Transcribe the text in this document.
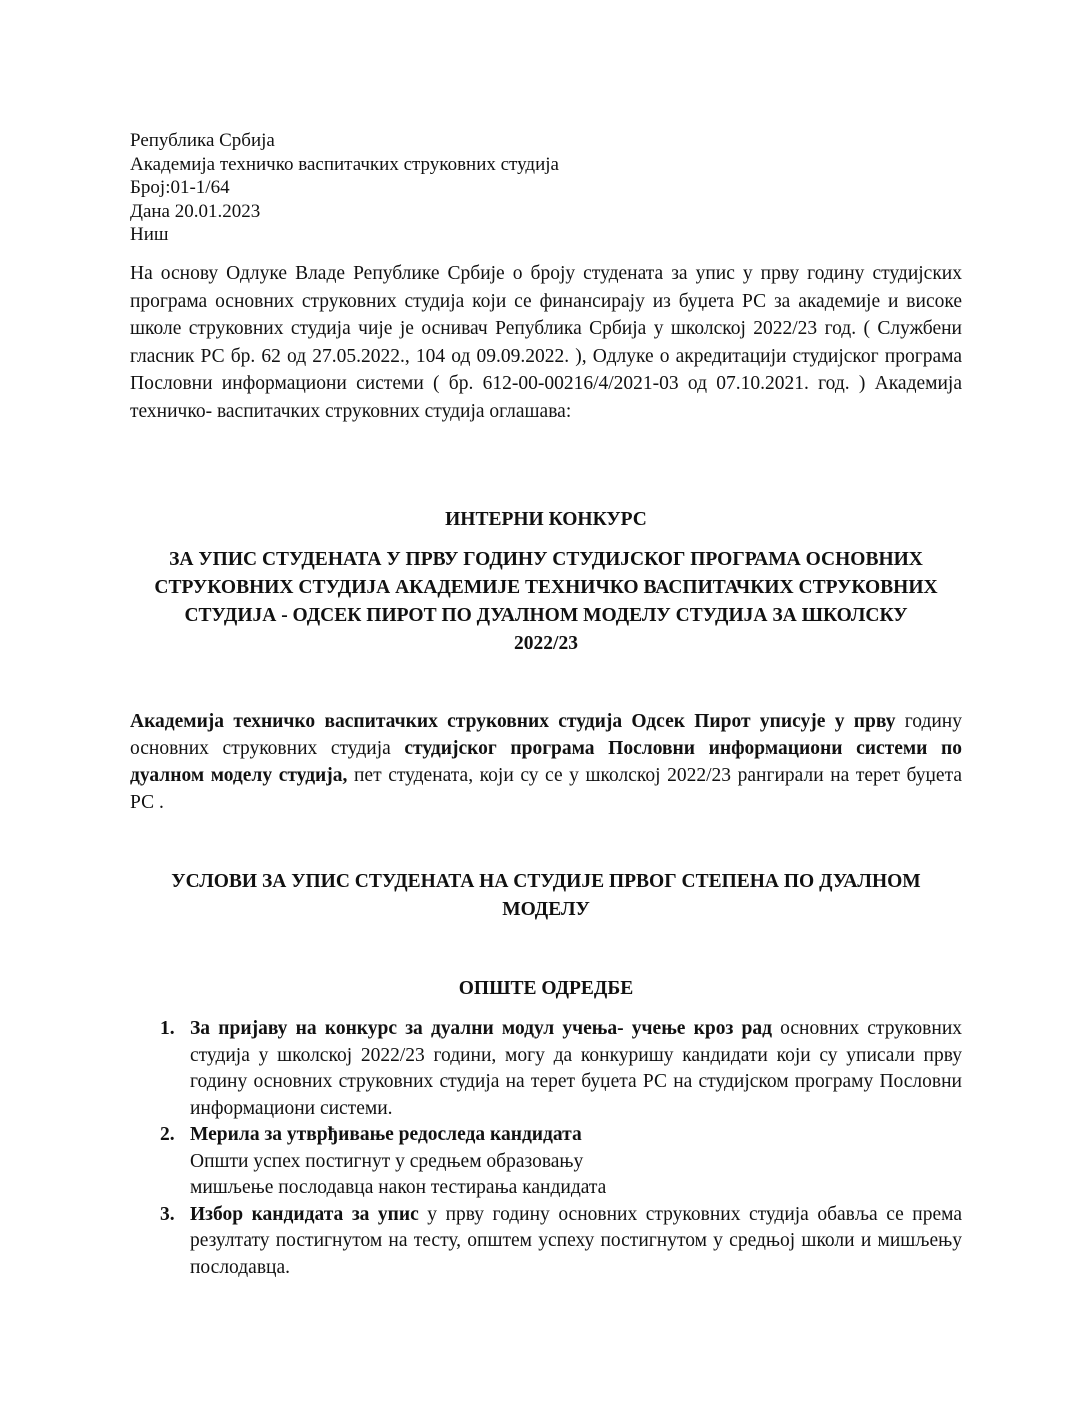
Република Србија
Академија техничко васпитачких струковних студија
Број:01-1/64
Дана 20.01.2023
Ниш
На основу Одлуке Владе Републике Србије о броју студената за упис у прву годину студијских програма основних струковних студија који се финансирају из буџета РС за академије и високе школе струковних студија чије је оснивач Република Србија у школској 2022/23 год. ( Службени гласник РС бр. 62 од 27.05.2022., 104 од 09.09.2022. ), Одлуке о акредитацији студијског програма Пословни информациони системи ( бр. 612-00-00216/4/2021-03 од 07.10.2021. год. ) Академија техничко- васпитачких струковних студија оглашава:
ИНТЕРНИ КОНКУРС
ЗА УПИС СТУДЕНАТА У ПРВУ ГОДИНУ СТУДИЈСКОГ ПРОГРАМА ОСНОВНИХ СТРУКОВНИХ СТУДИЈА АКАДЕМИЈЕ ТЕХНИЧКО ВАСПИТАЧКИХ СТРУКОВНИХ СТУДИЈА - ОДСЕК ПИРОТ ПО ДУАЛНОМ МОДЕЛУ СТУДИЈА ЗА ШКОЛСКУ 2022/23
Академија техничко васпитачких струковних студија Одсек Пирот уписује у прву годину основних струковних студија студијског програма Пословни информациони системи по дуалном моделу студија, пет студената, који су се у школској 2022/23 рангирали на терет буџета РС .
УСЛОВИ ЗА УПИС СТУДЕНАТА НА СТУДИЈЕ ПРВОГ СТЕПЕНА ПО ДУАЛНОМ МОДЕЛУ
ОПШТЕ ОДРЕДБЕ
1. За пријаву на конкурс за дуални модул учења- учење кроз рад основних струковних студија у школској 2022/23 години, могу да конкуришу кандидати који су уписали прву годину основних струковних студија на терет буџета РС на студијском програму Пословни информациони системи.
2. Мерила за утврђивање редоследа кандидата
Општи успех постигнут у средњем образовању
мишљење послодавца након тестирања кандидата
3. Избор кандидата за упис у прву годину основних струковних студија обавља се према резултату постигнутом на тесту, општем успеху постигнутом у средњој школи и мишљењу послодавца.
